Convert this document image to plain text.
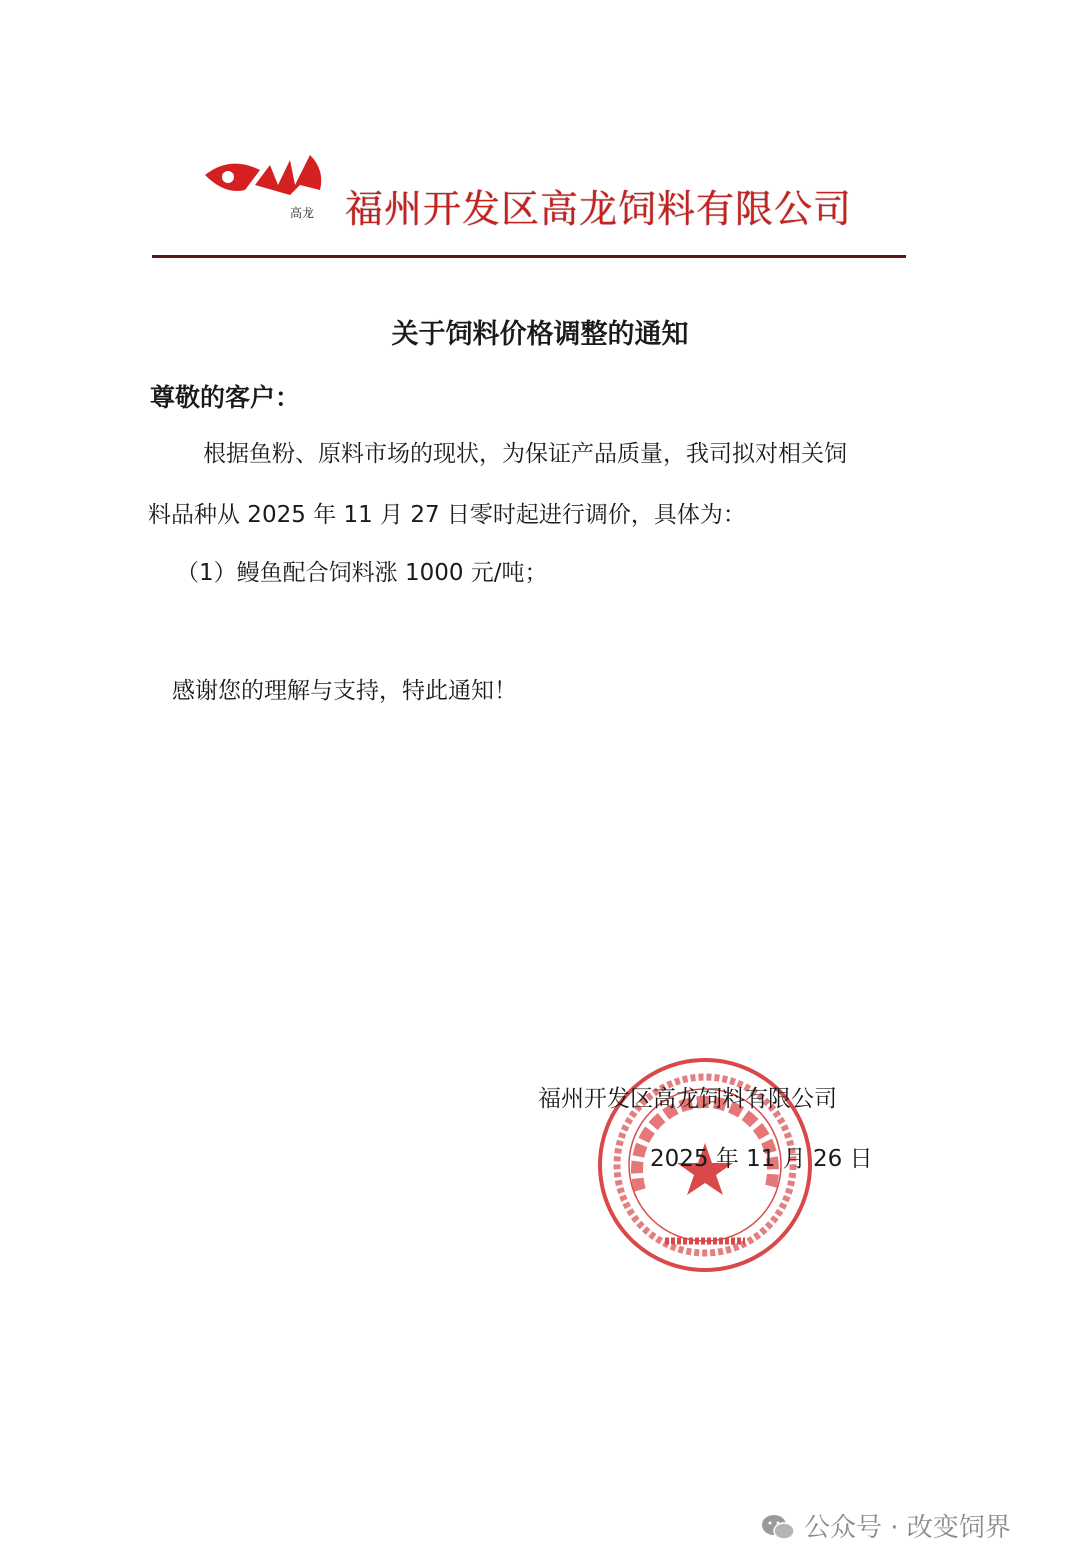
高龙 福州开发区高龙饲料有限公司
关于饲料价格调整的通知
尊敬的客户：
根据鱼粉、原料市场的现状，为保证产品质量，我司拟对相关饲
料品种从 2025 年 11 月 27 日零时起进行调价，具体为：
（1）鳗鱼配合饲料涨 1000 元/吨；
感谢您的理解与支持，特此通知！
福州开发区高龙饲料有限公司
2025 年 11 月 26 日
公众号 · 改变饲界
